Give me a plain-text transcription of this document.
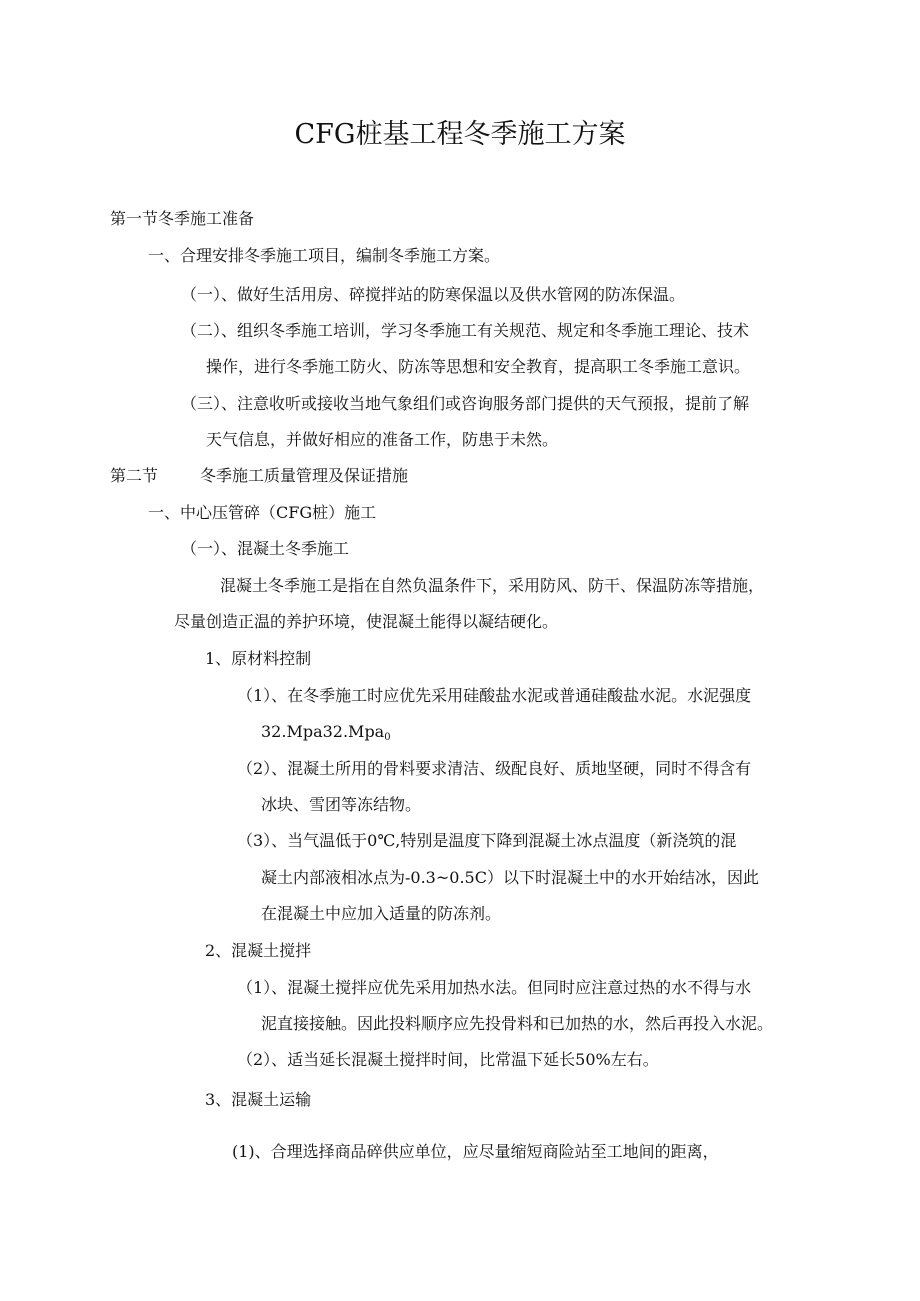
CFG桩基工程冬季施工方案
第一节冬季施工准备
一、合理安排冬季施工项目，编制冬季施工方案。
（一）、做好生活用房、碎搅拌站的防寒保温以及供水管网的防冻保温。
（二）、组织冬季施工培训，学习冬季施工有关规范、规定和冬季施工理论、技术
操作，进行冬季施工防火、防冻等思想和安全教育，提高职工冬季施工意识。
（三）、注意收听或接收当地气象组们或咨询服务部门提供的天气预报，提前了解
天气信息，并做好相应的准备工作，防患于未然。
第二节	冬季施工质量管理及保证措施
一、中心压管碎（CFG桩）施工
（一）、混凝土冬季施工
混凝土冬季施工是指在自然负温条件下，采用防风、防干、保温防冻等措施，
尽量创造正温的养护环境，使混凝土能得以凝结硬化。
1、原材料控制
（1）、在冬季施工时应优先采用硅酸盐水泥或普通硅酸盐水泥。水泥强度
32.Mpa32.Mpa$_0$
（2）、混凝土所用的骨料要求清洁、级配良好、质地坚硬，同时不得含有
冰块、雪团等冻结物。
（3）、当气温低于0℃,特别是温度下降到混凝土冰点温度（新浇筑的混
凝土内部液相冰点为-0.3~0.5C）以下时混凝土中的水开始结冰，因此
在混凝土中应加入适量的防冻剂。
2、混凝土搅拌
（1）、混凝土搅拌应优先采用加热水法。但同时应注意过热的水不得与水
泥直接接触。因此投料顺序应先投骨料和已加热的水，然后再投入水泥。
（2）、适当延长混凝土搅拌时间，比常温下延长50%左右。
3、混凝土运输
(1)、合理选择商品碎供应单位，应尽量缩短商险站至工地间的距离，
